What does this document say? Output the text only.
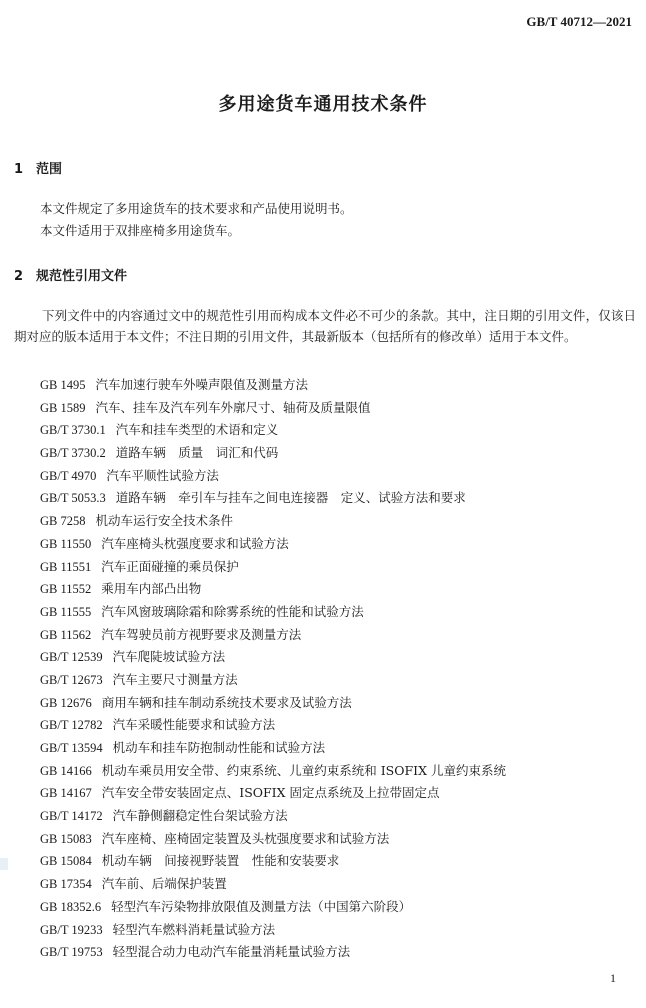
GB/T 40712—2021
多用途货车通用技术条件
1 范围
本文件规定了多用途货车的技术要求和产品使用说明书。
本文件适用于双排座椅多用途货车。
2 规范性引用文件
下列文件中的内容通过文中的规范性引用而构成本文件必不可少的条款。其中，注日期的引用文件，仅该日期对应的版本适用于本文件；不注日期的引用文件，其最新版本（包括所有的修改单）适用于本文件。
GB 1495 汽车加速行驶车外噪声限值及测量方法
GB 1589 汽车、挂车及汽车列车外廓尺寸、轴荷及质量限值
GB/T 3730.1 汽车和挂车类型的术语和定义
GB/T 3730.2 道路车辆　质量　词汇和代码
GB/T 4970 汽车平顺性试验方法
GB/T 5053.3 道路车辆　牵引车与挂车之间电连接器　定义、试验方法和要求
GB 7258 机动车运行安全技术条件
GB 11550 汽车座椅头枕强度要求和试验方法
GB 11551 汽车正面碰撞的乘员保护
GB 11552 乘用车内部凸出物
GB 11555 汽车风窗玻璃除霜和除雾系统的性能和试验方法
GB 11562 汽车驾驶员前方视野要求及测量方法
GB/T 12539 汽车爬陡坡试验方法
GB/T 12673 汽车主要尺寸测量方法
GB 12676 商用车辆和挂车制动系统技术要求及试验方法
GB/T 12782 汽车采暖性能要求和试验方法
GB/T 13594 机动车和挂车防抱制动性能和试验方法
GB 14166 机动车乘员用安全带、约束系统、儿童约束系统和 ISOFIX 儿童约束系统
GB 14167 汽车安全带安装固定点、ISOFIX 固定点系统及上拉带固定点
GB/T 14172 汽车静侧翻稳定性台架试验方法
GB 15083 汽车座椅、座椅固定装置及头枕强度要求和试验方法
GB 15084 机动车辆　间接视野装置　性能和安装要求
GB 17354 汽车前、后端保护装置
GB 18352.6 轻型汽车污染物排放限值及测量方法（中国第六阶段）
GB/T 19233 轻型汽车燃料消耗量试验方法
GB/T 19753 轻型混合动力电动汽车能量消耗量试验方法
1
